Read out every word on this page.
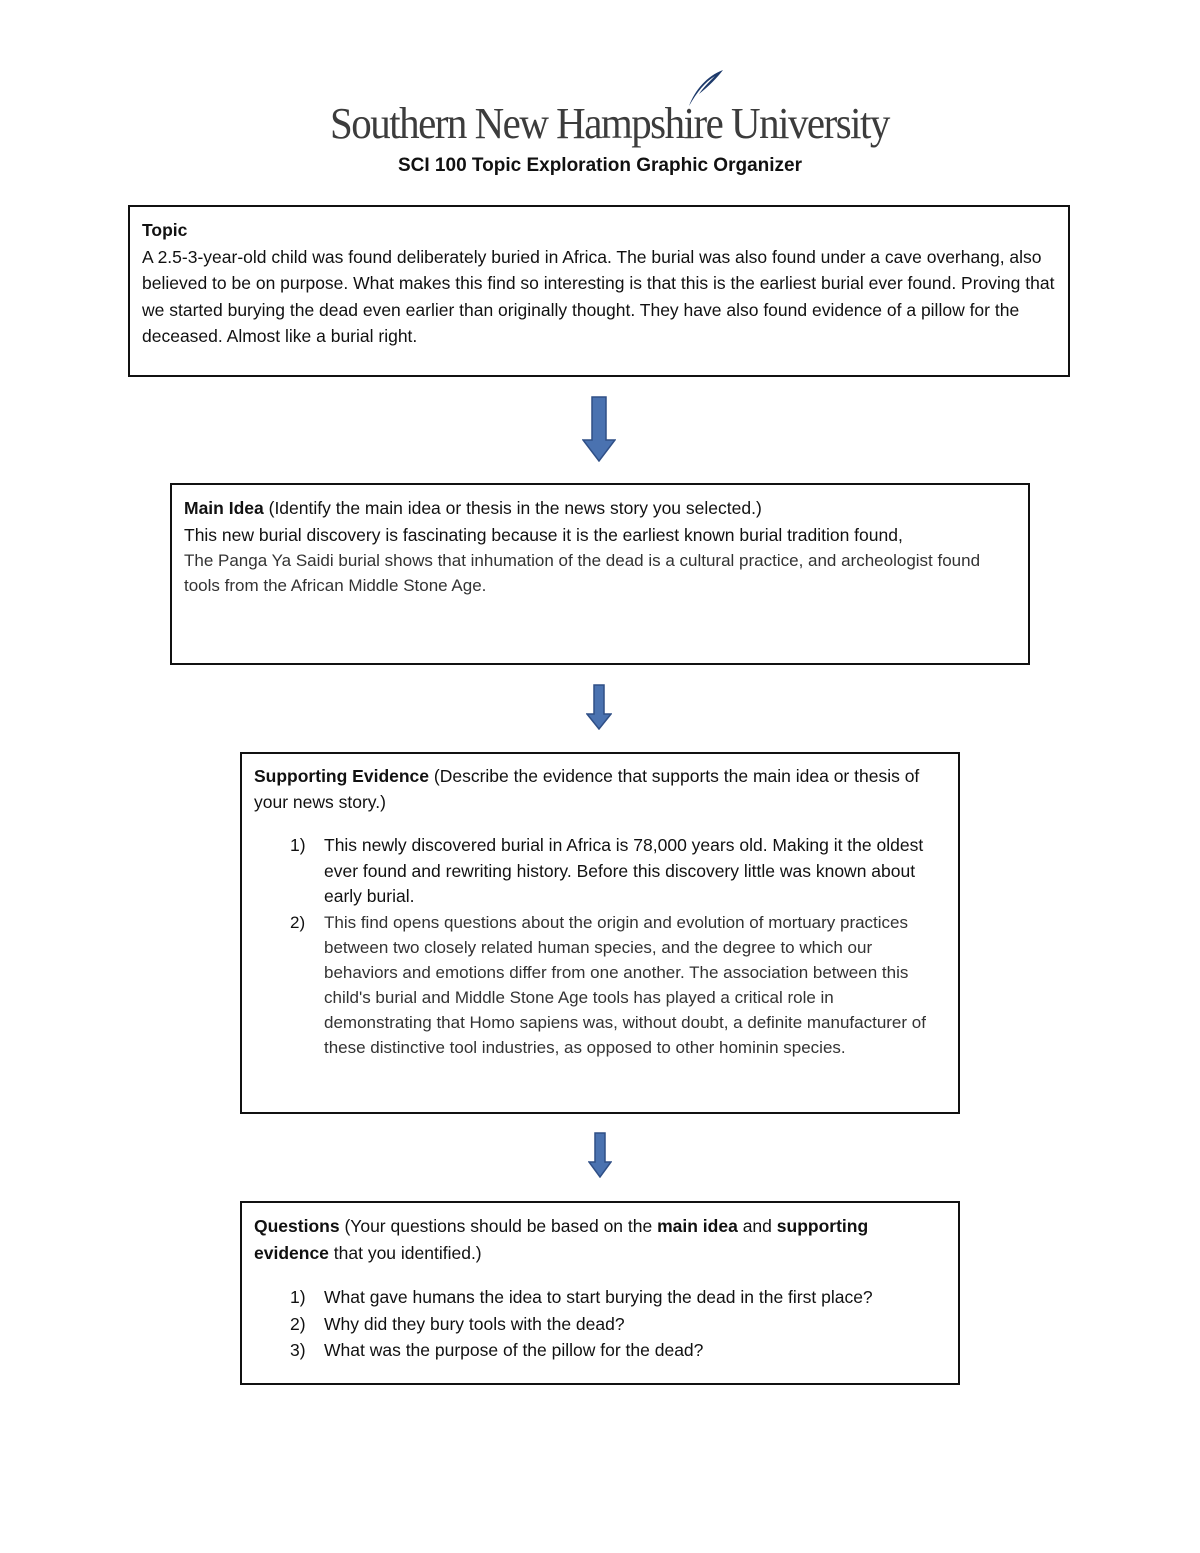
Southern New Hampshire University
SCI 100 Topic Exploration Graphic Organizer

Topic

A 2.5-3-year-old child was found deliberately buried in Africa. The burial was also found under a cave overhang, also believed to be on purpose. What makes this find so interesting is that this is the earliest burial ever found. Proving that we started burying the dead even earlier than originally thought. They have also found evidence of a pillow for the deceased. Almost like a burial right.

Main Idea (Identify the main idea or thesis in the news story you selected.)

This new burial discovery is fascinating because it is the earliest known burial tradition found,

The Panga Ya Saidi burial shows that inhumation of the dead is a cultural practice, and archeologist found tools from the African Middle Stone Age.

Supporting Evidence (Describe the evidence that supports the main idea or thesis of your news story.)

1) This newly discovered burial in Africa is 78,000 years old. Making it the oldest ever found and rewriting history. Before this discovery little was known about early burial.
2) This find opens questions about the origin and evolution of mortuary practices between two closely related human species, and the degree to which our behaviors and emotions differ from one another. The association between this child's burial and Middle Stone Age tools has played a critical role in demonstrating that Homo sapiens was, without doubt, a definite manufacturer of these distinctive tool industries, as opposed to other hominin species.

Questions (Your questions should be based on the main idea and supporting evidence that you identified.)

1) What gave humans the idea to start burying the dead in the first place?
2) Why did they bury tools with the dead?
3) What was the purpose of the pillow for the dead?
